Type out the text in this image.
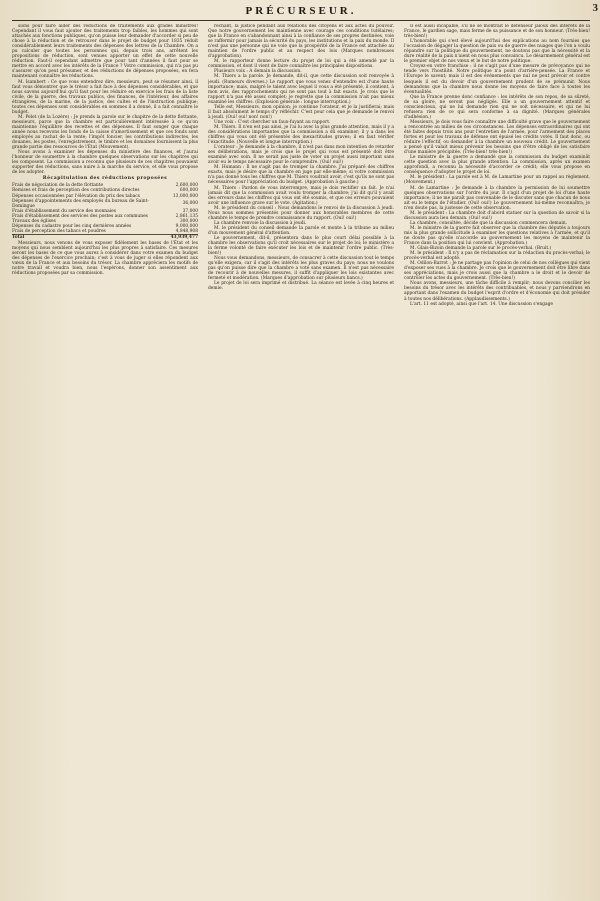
PRÉCURSEUR.	3

sions pour faire aider des réductions de traitements aux grades ministres! Cependant il vous faut ajouter des traitements trop faibles, les hommes qui sont attachés aux fonctions publiques, qu'on puisse leur demander d'accorder si peu de chose à la réduction et de retrouver dans le projet de budget pour 1835 réduit considérablement leurs traitements des dépenses des lettres de la Chambre. On a pu calculer que toutes les personnes qui, depuis trois ans, arrêtent les propositions de réduction, sont venues apporter un effet de cette nouvelle réduction. Faut-il cependant admettre que pour tant d'années il faut pour se mettre en accord avec les intérêts de la France ? Votre commission, qui n'a pas pu s'assurer qu'on peut présumer, et des réductions de dépenses proposées, en fera maintenant connaître les réductions.

M. Isambert : Ce que vous entendrez dire, messieurs, peut se résumer ainsi, il faut vous démontrer que le trésor a fait face à des dépenses considérables, et que nous savons aujourd'hui qu'il faut pour les réduire en exercice les frais de la liste civile, de la guerre, des travaux publics, des finances, de l'intérieur, des affaires étrangères, de la marine, de la justice, des cultes et de l'instruction publique; toutes ces dépenses sont considérables en sommes il a donné, il a fait connaître le budget.

M. Pelet (de la Lozère) : Je prends la parole sur le chapitre de la dette flottante, messieurs, parce que la chambre est particulièrement intéressée à ce qu'on maintienne l'équilibre des recettes et des dépenses. Il faut songer que chaque année nous recevons les fonds de la caisse d'amortissement et que ces fonds sont employés au rachat de la rente; l'impôt foncier, les contributions indirectes, les douanes, les postes, l'enregistrement, le timbre et les domaines fournissent la plus grande partie des ressources de l'État (Mouvement).

Nous avons à examiner les dépenses du ministère des finances, et j'aurai l'honneur de soumettre à la chambre quelques observations sur les chapitres qui les composent. La commission a reconnu que plusieurs de ces chapitres pouvaient supporter des réductions, sans nuire à la marche du service, et elle vous propose de les adopter.

Récapitulation des réductions proposées

Frais de négociation de la dette flottante	2,600,000
Remises et frais de perception des contributions directes	600,000
Dépenses occasionnées par l'élévation du prix des tabacs	13,000,000
Dépenses d'appointements des employés du bureau de Saint-Domingue	36,000
Frais d'établissement du service des monnaies	37,000
Frais d'établissement des services des postes aux communes	2,861,135
Travaux des églises	300,000
Dépenses du cadastre pour les cinq dernières années	9,000,000
Frais de perception des tabacs et poudres	4,848,908
Total	43,939,477

Messieurs, nous venons de vous exposer fidèlement les bases de l'État et les moyens qui nous semblent aujourd'hui les plus propres à satisfaire. Ces mesures seront les bases de ce que vous aurez à considérer dans votre examen du budget des dépenses de l'exercice prochain; c'est à vous de juger si elles répondent aux vœux de la France et aux besoins du trésor. La chambre appréciera les motifs de notre travail et voudra bien, nous l'espérons, donner son assentiment aux réductions proposées par sa commission.

rechant, la justice pendant aux relations des citoyens et aux actes du pouvoir. Que notre gouvernement les maintienne avec courage ces conditions tutélaires; que la France en s'abandonnant ainsi à la confiance de ses propres destinées, voie se raffermir pour jamais la sécurité du pays, les institutions et la paix du monde. Il n'est pas une personne qui ne voie que la prospérité de la France est attachée au maintien de l'ordre public et au respect des lois (Marques nombreuses d'approbation).

M. le rapporteur donne lecture du projet de loi qui a été amendé par la commission, et dont il vient de faire connaître les principales dispositions.

Plusieurs voix : A demain la discussion.

M. Thiers a la parole. Je demande, dit-il, que cette discussion soit renvoyée à jeudi. (Rumeurs diverses.) Le rapport que vous venez d'entendre est d'une haute importance; mais, malgré le talent avec lequel il vous a été présenté, il contient, à mon avis, des rapprochements qui ne sont pas tout à fait exacts. Je crois que le rapport n'a pas été assez complet; je regrette que la commission n'ait pas mieux examiné les chiffres. (Explosion générale : longue interruption.)

Telle est, Messieurs, mon opinion; je continue l'orateur, et je la justifierai; mais il faut absolument le temps d'y réfléchir. C'est pour cela que je demande le renvoi à jeudi. (Oui! oui! non! non!)

Une voix : C'est chercher un faux-fuyant au rapport.

M. Thiers. Il n'en est pas ainsi, je l'ai lu avec la plus grande attention, mais il y a des considérations importantes que la commission a dû examiner; il y a dans les chiffres qui vous ont été présentés des inexactitudes graves; il en faut vérifier l'exactitude. (Nouvelle et longue interruption.)

L'orateur : Je demande à la chambre, il n'est pas dans mon intention de retarder ses délibérations, mais je crois que le projet qui vous est présenté doit être examiné avec soin. Il ne serait pas juste de voter un projet aussi important sans avoir eu le temps nécessaire pour le comprendre. (Oui! oui!)

M. Humann : Il ne s'agit pas de tromper la chambre. J'ai préparé des chiffres exacts, mais je désire que la chambre en juge par elle-même; si votre commission n'a pas donné tous les chiffres que M. Thiers voudrait avoir, c'est qu'ils ne sont pas nécessaires pour l'appréciation du budget. (Approbation à gauche.)

M. Thiers : Pardon de vous interrompre, mais je dois rectifier un fait. Je n'ai jamais dit que la commission avait voulu tromper la chambre; j'ai dit qu'il y avait des erreurs dans les chiffres qui vous ont été soumis, et que ces erreurs pouvaient avoir une influence grave sur le vote. (Agitation.)

M. le président du conseil : Nous demandons le renvoi de la discussion à jeudi. Nous nous sommes présentés pour donner aux honorables membres de cette chambre le temps de prendre connaissance du rapport. (Oui! oui!)

La chambre renvoie la discussion à jeudi.

M. le président du conseil demande la parole et monte à la tribune au milieu d'un mouvement général d'attention.

Le gouvernement, dit-il, présentera dans le plus court délai possible à la chambre les observations qu'il croit nécessaires sur le projet de loi; le ministère a la ferme volonté de faire exécuter les lois et de maintenir l'ordre public. (Très-bien!)

Nous vous demandons, messieurs, de consacrer à cette discussion tout le temps qu'elle exigera, car il s'agit des intérêts les plus graves du pays; nous ne voulons pas qu'on puisse dire que la chambre a voté sans examen. Il n'est pas nécessaire de recourir à de nouvelles mesures, il suffit d'appliquer les lois existantes avec fermeté et modération. (Marques d'approbation sur plusieurs bancs.)

Le projet de loi sera imprimé et distribué. La séance est levée à cinq heures et demie.

Il est aussi incapable, s'il ne se montrait le défenseur jaloux des intérêts de la France, le gardien sage, mais ferme de sa puissance et de son honneur. (Très-bien! très-bien!)

L'honorable qui s'est élevé aujourd'hui des explications au nom fournies que l'occasion de dégager la question de paix ou de guerre des nuages que l'on a voulu répandre sur la politique du gouvernement, ne doutons pas que la nécessité et la dure réalité de la paix n'aient en nous plus convaincu. Le désarmement général est le premier objet de nos vœux et le but de notre politique.

Croyez-en votre franchise : il ne s'agit pas d'une mesure de prévoyance qui ne tende vers l'hostilité. Notre politique n'a point d'arrière-pensée. La France et l'Europe le savent; mais il est des événements que nul ne peut prévoir et contre lesquels il est du devoir d'un gouvernement prudent de se prémunir. Nous demandons que la chambre nous donne les moyens de faire face à toutes les éventualités.

Que la France prenne donc confiance : les intérêts de son repos, de sa sûreté, de sa gloire, ne seront pas négligés. Elle a un gouvernement attentif et consciencieux, qui ne lui demande rien qui ne soit nécessaire, et qui ne lui refusera rien de ce qui sera conforme à sa dignité. (Marques générales d'adhésion.)

Messieurs, je dois vous faire connaître une difficulté grave que le gouvernement a rencontrée au milieu de ces circonstances. Les dépenses extraordinaires qui ont été faites depuis trois ans pour l'entretien de l'armée, pour l'armement des places fortes et pour les travaux de défense ont épuisé les crédits votés. Il faut donc, ou réduire l'effectif, ou demander à la chambre un nouveau crédit. Le gouvernement a pensé qu'il valait mieux prévenir les besoins que d'être obligé de les satisfaire d'une manière précipitée. (Très-bien! très-bien!)

Le ministre de la guerre a demandé que la commission du budget examinât cette question avec la plus grande attention. La commission, après un examen approfondi, a reconnu la nécessité d'accorder ce crédit; elle vous propose en conséquence d'adopter le projet de loi.

M. le président : La parole est à M. de Lamartine pour un rappel au règlement. (Mouvement.)

M. de Lamartine : Je demande à la chambre la permission de lui soumettre quelques observations sur l'ordre du jour. Il s'agit d'un projet de loi d'une haute importance; il ne me paraît pas convenable de le discuter sans que chacun de nous ait eu le temps de l'étudier. (Oui! oui!) Le gouvernement lui-même reconnaîtra, je n'en doute pas, la justesse de cette observation.

M. le président : La chambre doit d'abord statuer sur la question de savoir si la discussion aura lieu demain. (Oui! oui!)

La chambre, consultée, décide que la discussion commencera demain.

M. le ministre de la guerre fait observer que la chambre des députés a toujours mis la plus grande sollicitude à examiner les questions relatives à l'armée, et qu'il ne doute pas qu'elle n'accorde au gouvernement les moyens de maintenir la France dans la position qui lui convient. (Approbation.)

M. Glais-Bizoin demande la parole sur le procès-verbal. (Bruit.)

M. le président : Il n'y a pas de réclamation sur la rédaction du procès-verbal; le procès-verbal est adopté.

M. Odilon-Barrot : Je ne partage pas l'opinion de celui de nos collègues qui vient d'exposer ses vues à la chambre. Je crois que le gouvernement doit être libre dans ses appréciations, mais je crois aussi que la chambre a le droit et le devoir de contrôler les actes du gouvernement. (Très-bien!)

Nous avons, messieurs, une tâche difficile à remplir; nous devons concilier les besoins du trésor avec les intérêts des contribuables, et nous y parviendrons en apportant dans l'examen du budget l'esprit d'ordre et d'économie qui doit présider à toutes nos délibérations. (Applaudissements.)

L'art. 11 est adopté, ainsi que l'art. 14. Une discussion s'engage
